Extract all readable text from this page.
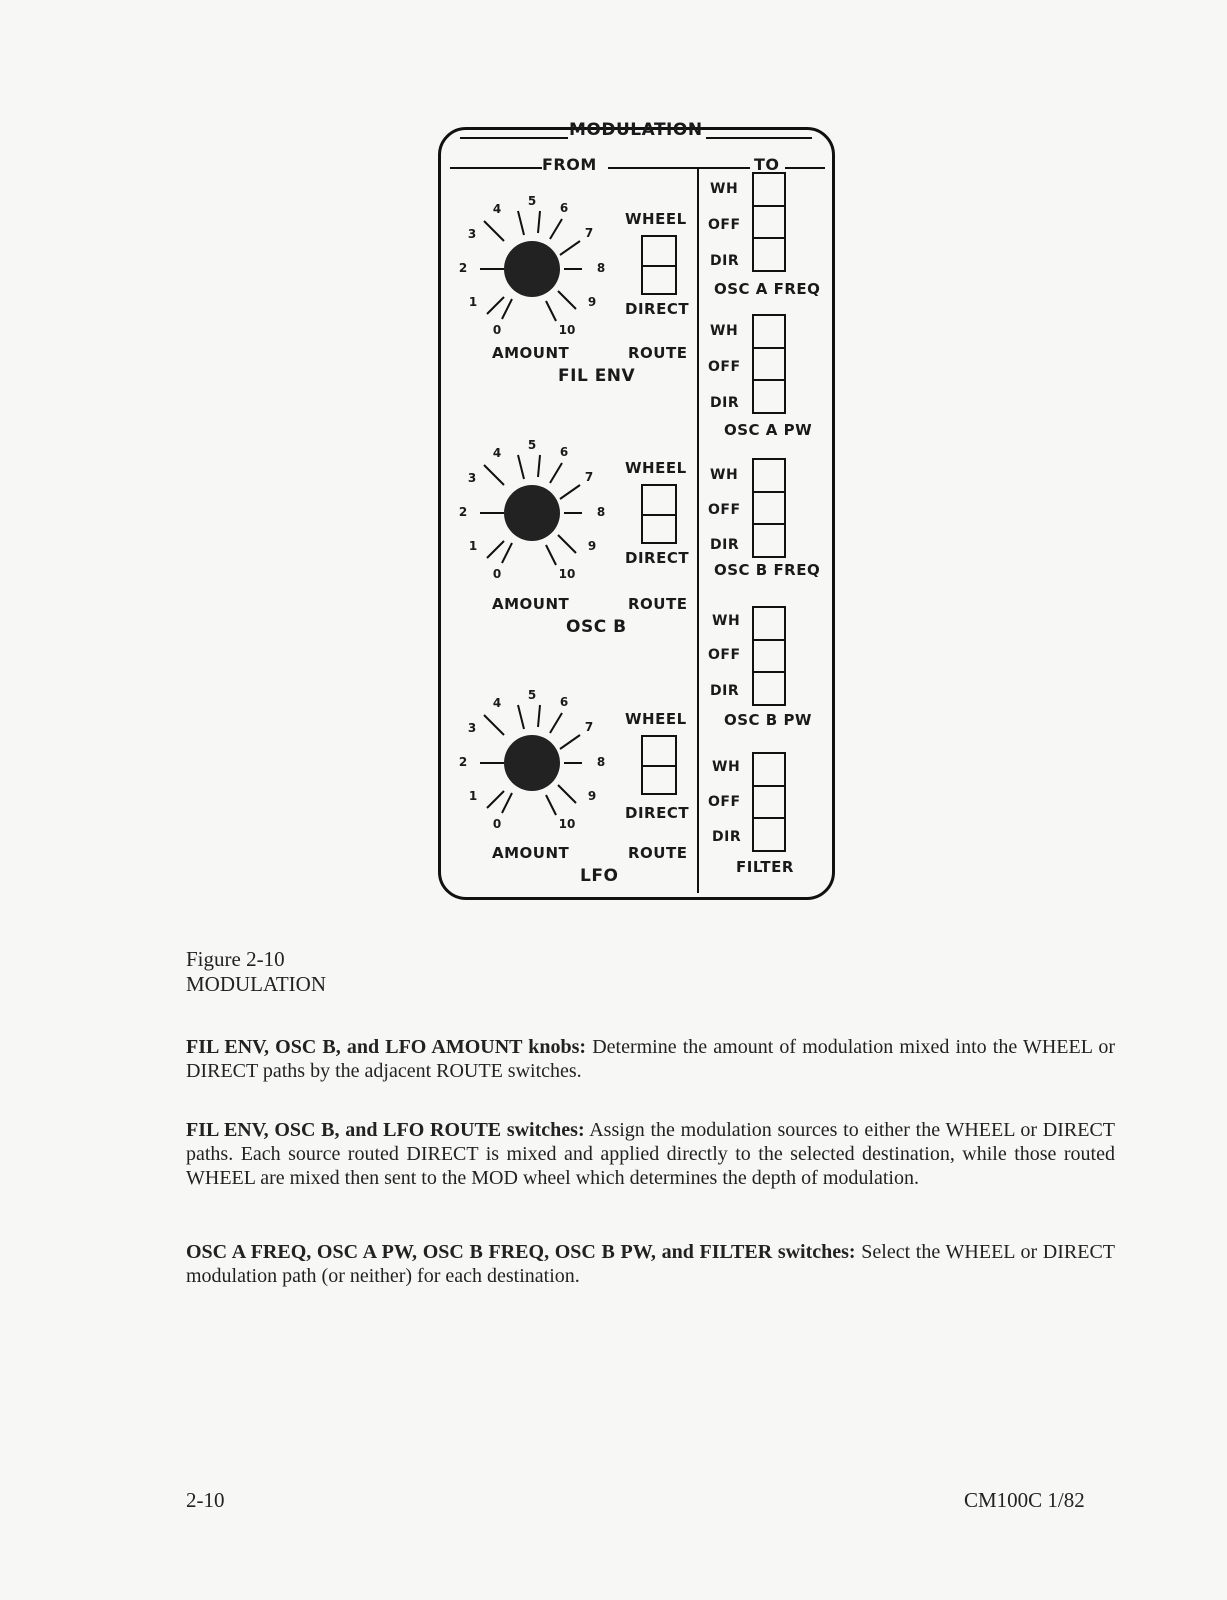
MODULATION
FROM	TO
0
1
2
3
4
5 6
7
8
9
10
WHEEL
DIRECT
AMOUNT	ROUTE
FIL ENV
0
1
2
3
4
5 6
7
8
9
10
WHEEL
DIRECT
AMOUNT	ROUTE
OSC B
0
1
2
3
4
5 6
7
8
9
10
WHEEL
DIRECT
AMOUNT	ROUTE
LFO
WH
OFF
DIR
OSC A FREQ
WH
OFF
DIR
OSC A PW
WH
OFF
DIR
OSC B FREQ
WH
OFF
DIR
OSC B PW
WH
OFF
DIR
FILTER
Figure 2-10
MODULATION

FIL ENV, OSC B, and LFO AMOUNT knobs: Determine the amount of modulation mixed into the WHEEL or DIRECT paths by the adjacent ROUTE switches.

FIL ENV, OSC B, and LFO ROUTE switches: Assign the modulation sources to either the WHEEL or DIRECT paths. Each source routed DIRECT is mixed and applied directly to the selected destination, while those routed WHEEL are mixed then sent to the MOD wheel which determines the depth of modulation.

OSC A FREQ, OSC A PW, OSC B FREQ, OSC B PW, and FILTER switches: Select the WHEEL or DIRECT modulation path (or neither) for each destination.

2-10	CM100C 1/82
